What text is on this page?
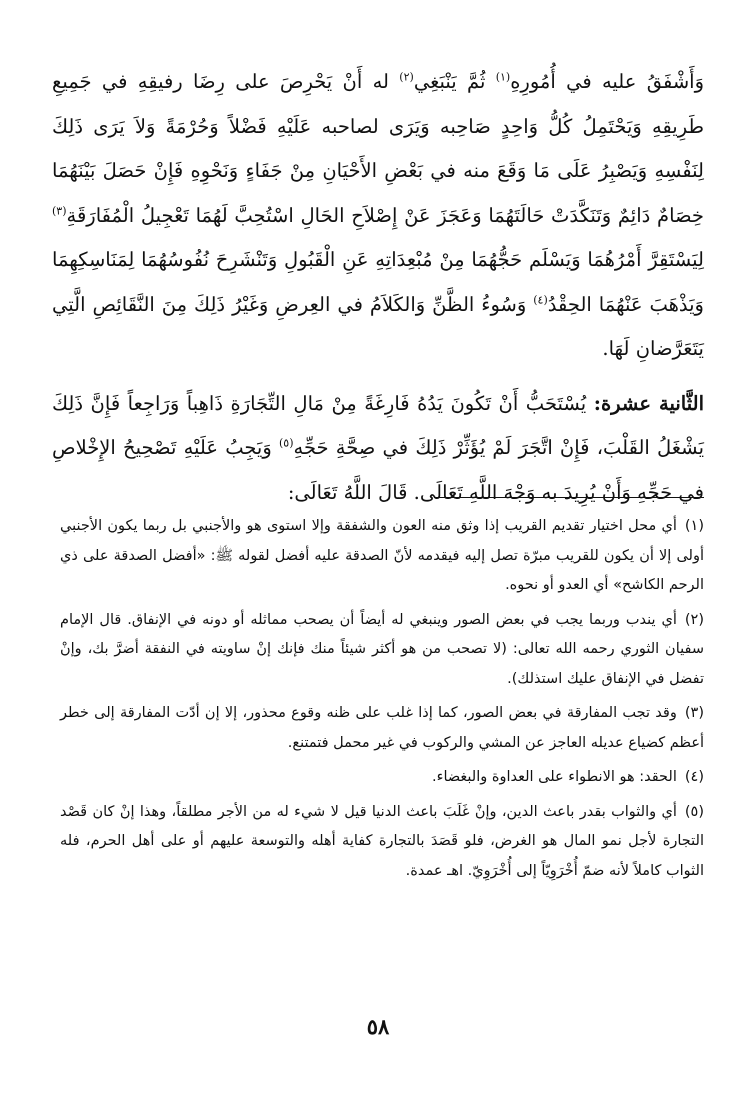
وَأَشْفَقُ عليه في أُمُورِهِ$^{(١)}$ ثُمَّ يَنْبَغِي$^{(٢)}$ له أَنْ يَحْرِصَ على رِضَا رفيقِهِ في جَمِيعِ طَرِيقِهِ وَيَحْتَمِلُ كُلُّ وَاحِدٍ صَاحِبه وَيَرَى لصاحبه عَلَيْهِ فَضْلاً وَحُرْمَةً وَلاَ يَرَى ذَلِكَ لِنَفْسِهِ وَيَصْبِرُ عَلَى مَا وَقَعَ منه في بَعْضِ الأَحْيَانِ مِنْ جَفَاءٍ وَنَحْوِهِ فَإِنْ حَصَلَ بَيْنَهُمَا خِصَامٌ دَائِمٌ وَتَنَكَّدَتْ حَالَتَهُمَا وَعَجَزَ عَنْ إِصْلاَحِ الحَالِ اسْتُحِبَّ لَهُمَا تَعْجِيلُ الْمُفَارَقَةِ$^{(٣)}$ لِيَسْتَقِرَّ أَمْرُهُمَا وَيَسْلَم حَجُّهُمَا مِنْ مُبْعِدَاتِهِ عَنِ الْقَبُولِ وَتَنْشَرِحَ نُفُوسُهُمَا لِمَنَاسِكِهِمَا وَيَذْهَبَ عَنْهُمَا الحِقْدُ$^{(٤)}$ وَسُوءُ الظَّنِّ وَالكَلاَمُ في العِرضِ وَغَيْرُ ذَلِكَ مِنَ النَّقَائِصِ الَّتِي يَتَعَرَّضانِ لَهَا.

الثَّانية عشرة: يُسْتَحَبُّ أَنْ تَكُونَ يَدُهُ فَارِغَةً مِنْ مَالِ التِّجَارَةِ ذَاهِباً وَرَاجِعاً فَإِنَّ ذَلِكَ يَشْغَلُ القَلْبَ، فَإِنْ اتَّجَرَ لَمْ يُؤَثِّرْ ذَلِكَ في صِحَّةِ حَجِّهِ$^{(٥)}$ وَيَجِبُ عَلَيْهِ تَصْحِيحُ الإِخْلاصِ في حَجِّهِ وَأَنْ يُرِيدَ به وَجْهَ اللَّهِ تَعَالَى. قَالَ اللَّهُ تَعَالَى:

(١)أي محل اختيار تقديم القريب إذا وثق منه العون والشفقة وإلا استوى هو والأجنبي بل ربما يكون الأجنبي أولى إلا أن يكون للقريب مبرّة تصل إليه فيقدمه لأنّ الصدقة عليه أفضل لقوله ﷺ: «أفضل الصدقة على ذي الرحم الكاشح» أي العدو أو نحوه.

(٢)أي يندب وربما يجب في بعض الصور وينبغي له أيضاً أن يصحب مماثله أو دونه في الإنفاق. قال الإمام سفيان الثوري رحمه الله تعالى: (لا تصحب من هو أكثر شيئاً منك فإنك إنْ ساويته في النفقة أضرَّ بك، وإنْ تفضل في الإنفاق عليك استذلك).

(٣)وقد تجب المفارقة في بعض الصور، كما إذا غلب على ظنه وقوع محذور، إلا إن أدّت المفارقة إلى خطر أعظم كضياع عديله العاجز عن المشي والركوب في غير محمل فتمتنع.

(٤)الحقد: هو الانطواء على العداوة والبغضاء.

(٥)أي والثواب بقدر باعث الدين، وإنْ غَلَبَ باعث الدنيا قيل لا شيء له من الأجر مطلقاً، وهذا إنْ كان قَصْد التجارة لأجل نمو المال هو الغرض، فلو قَصَدَ بالتجارة كفاية أهله والتوسعة عليهم أو على أهل الحرم، فله الثواب كاملاً لأنه ضمّ أُخْرَوِيّاً إلى أُخْرَوِيّ. اهـ عمدة.

٥٨
